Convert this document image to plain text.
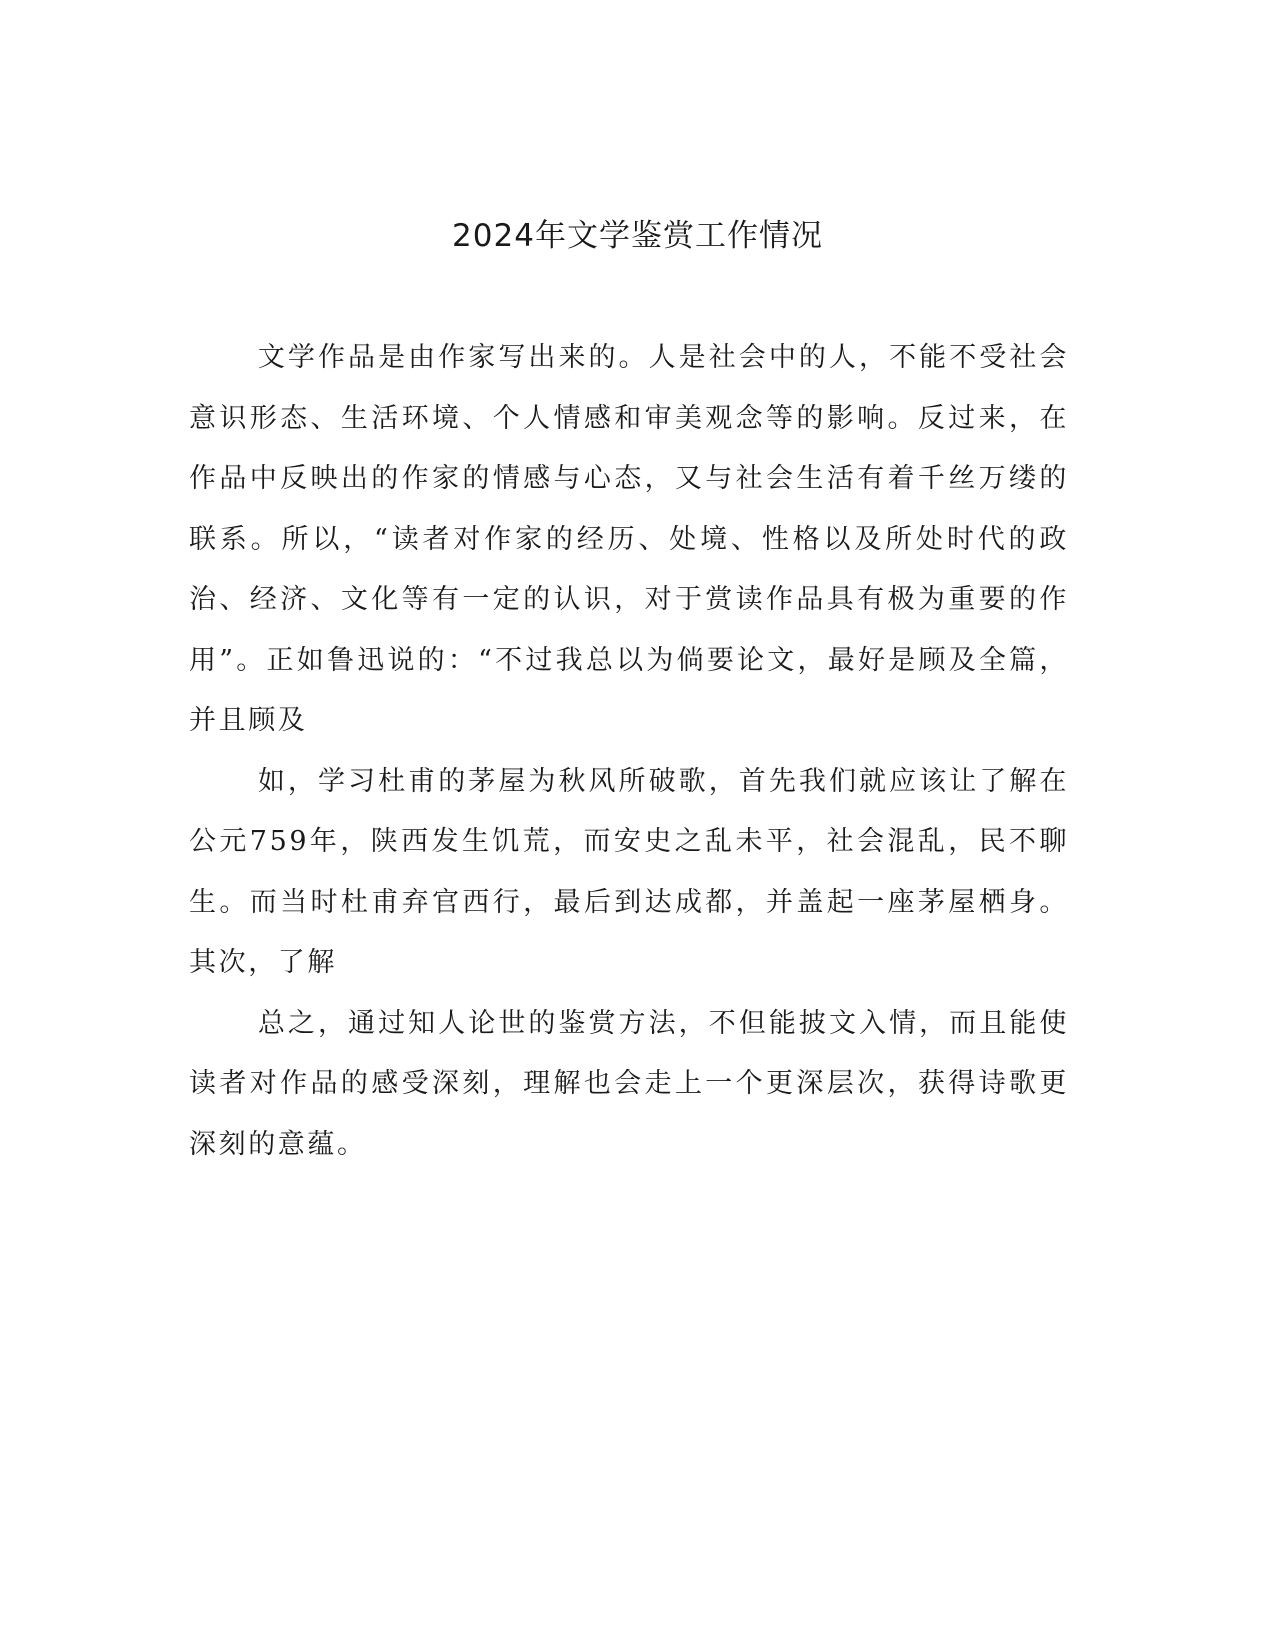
2024年文学鉴赏工作情况

文学作品是由作家写出来的。人是社会中的人，不能不受社会意识形态、生活环境、个人情感和审美观念等的影响。反过来，在作品中反映出的作家的情感与心态，又与社会生活有着千丝万缕的联系。所以，“读者对作家的经历、处境、性格以及所处时代的政治、经济、文化等有一定的认识，对于赏读作品具有极为重要的作用”。正如鲁迅说的：“不过我总以为倘要论文，最好是顾及全篇，并且顾及

如，学习杜甫的茅屋为秋风所破歌，首先我们就应该让了解在公元759年，陕西发生饥荒，而安史之乱未平，社会混乱，民不聊生。而当时杜甫弃官西行，最后到达成都，并盖起一座茅屋栖身。其次，了解

总之，通过知人论世的鉴赏方法，不但能披文入情，而且能使读者对作品的感受深刻，理解也会走上一个更深层次，获得诗歌更深刻的意蕴。
